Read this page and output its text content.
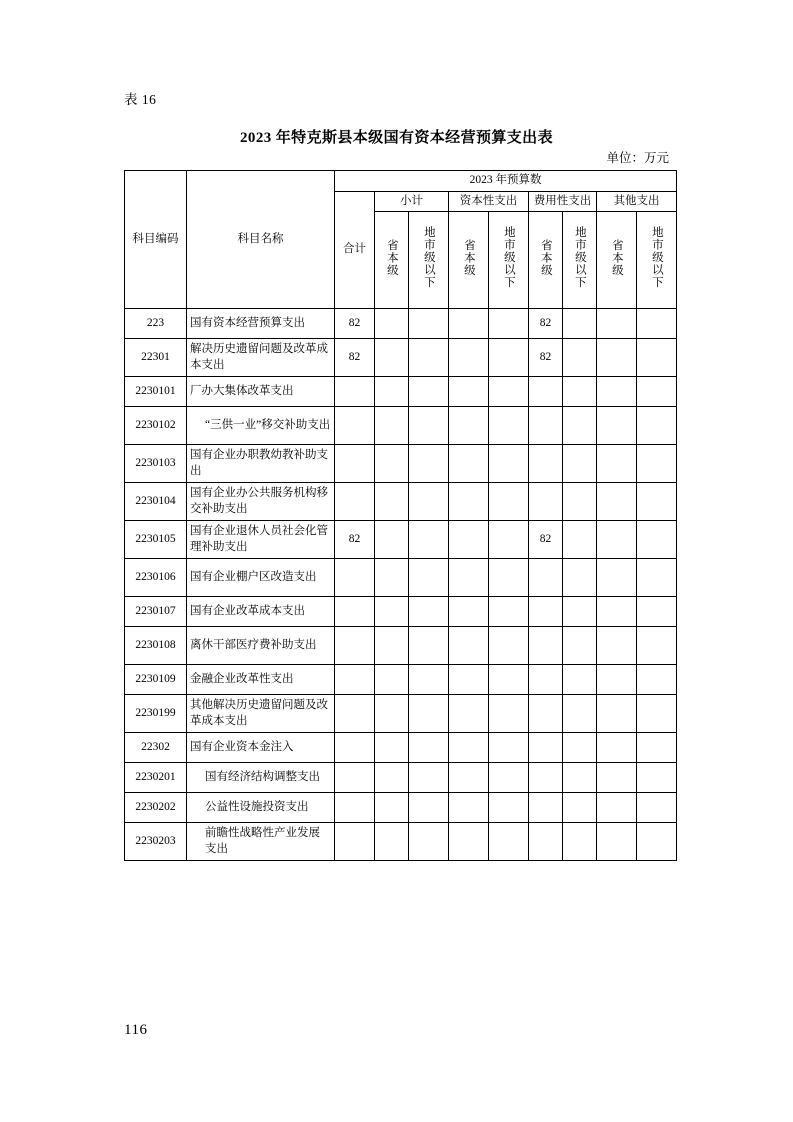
表 16
2023 年特克斯县本级国有资本经营预算支出表
单位：万元
科目编码	科目名称	2023 年预算数								
		合计	小计		资本性支出		费用性支出		其他支出	
			省本级	地市级以下	省本级	地市级以下	省本级	地市级以下	省本级	地市级以下
223	国有资本经营预算支出	82					82			
22301	解决历史遗留问题及改革成本支出	82					82			
2230101	厂办大集体改革支出									
2230102	“三供一业”移交补助支出									
2230103	国有企业办职教幼教补助支出									
2230104	国有企业办公共服务机构移交补助支出									
2230105	国有企业退休人员社会化管理补助支出	82					82			
2230106	国有企业棚户区改造支出									
2230107	国有企业改革成本支出									
2230108	离休干部医疗费补助支出									
2230109	金融企业改革性支出									
2230199	其他解决历史遗留问题及改革成本支出									
22302	国有企业资本金注入									
2230201	国有经济结构调整支出									
2230202	公益性设施投资支出									
2230203	前瞻性战略性产业发展支出									
116
